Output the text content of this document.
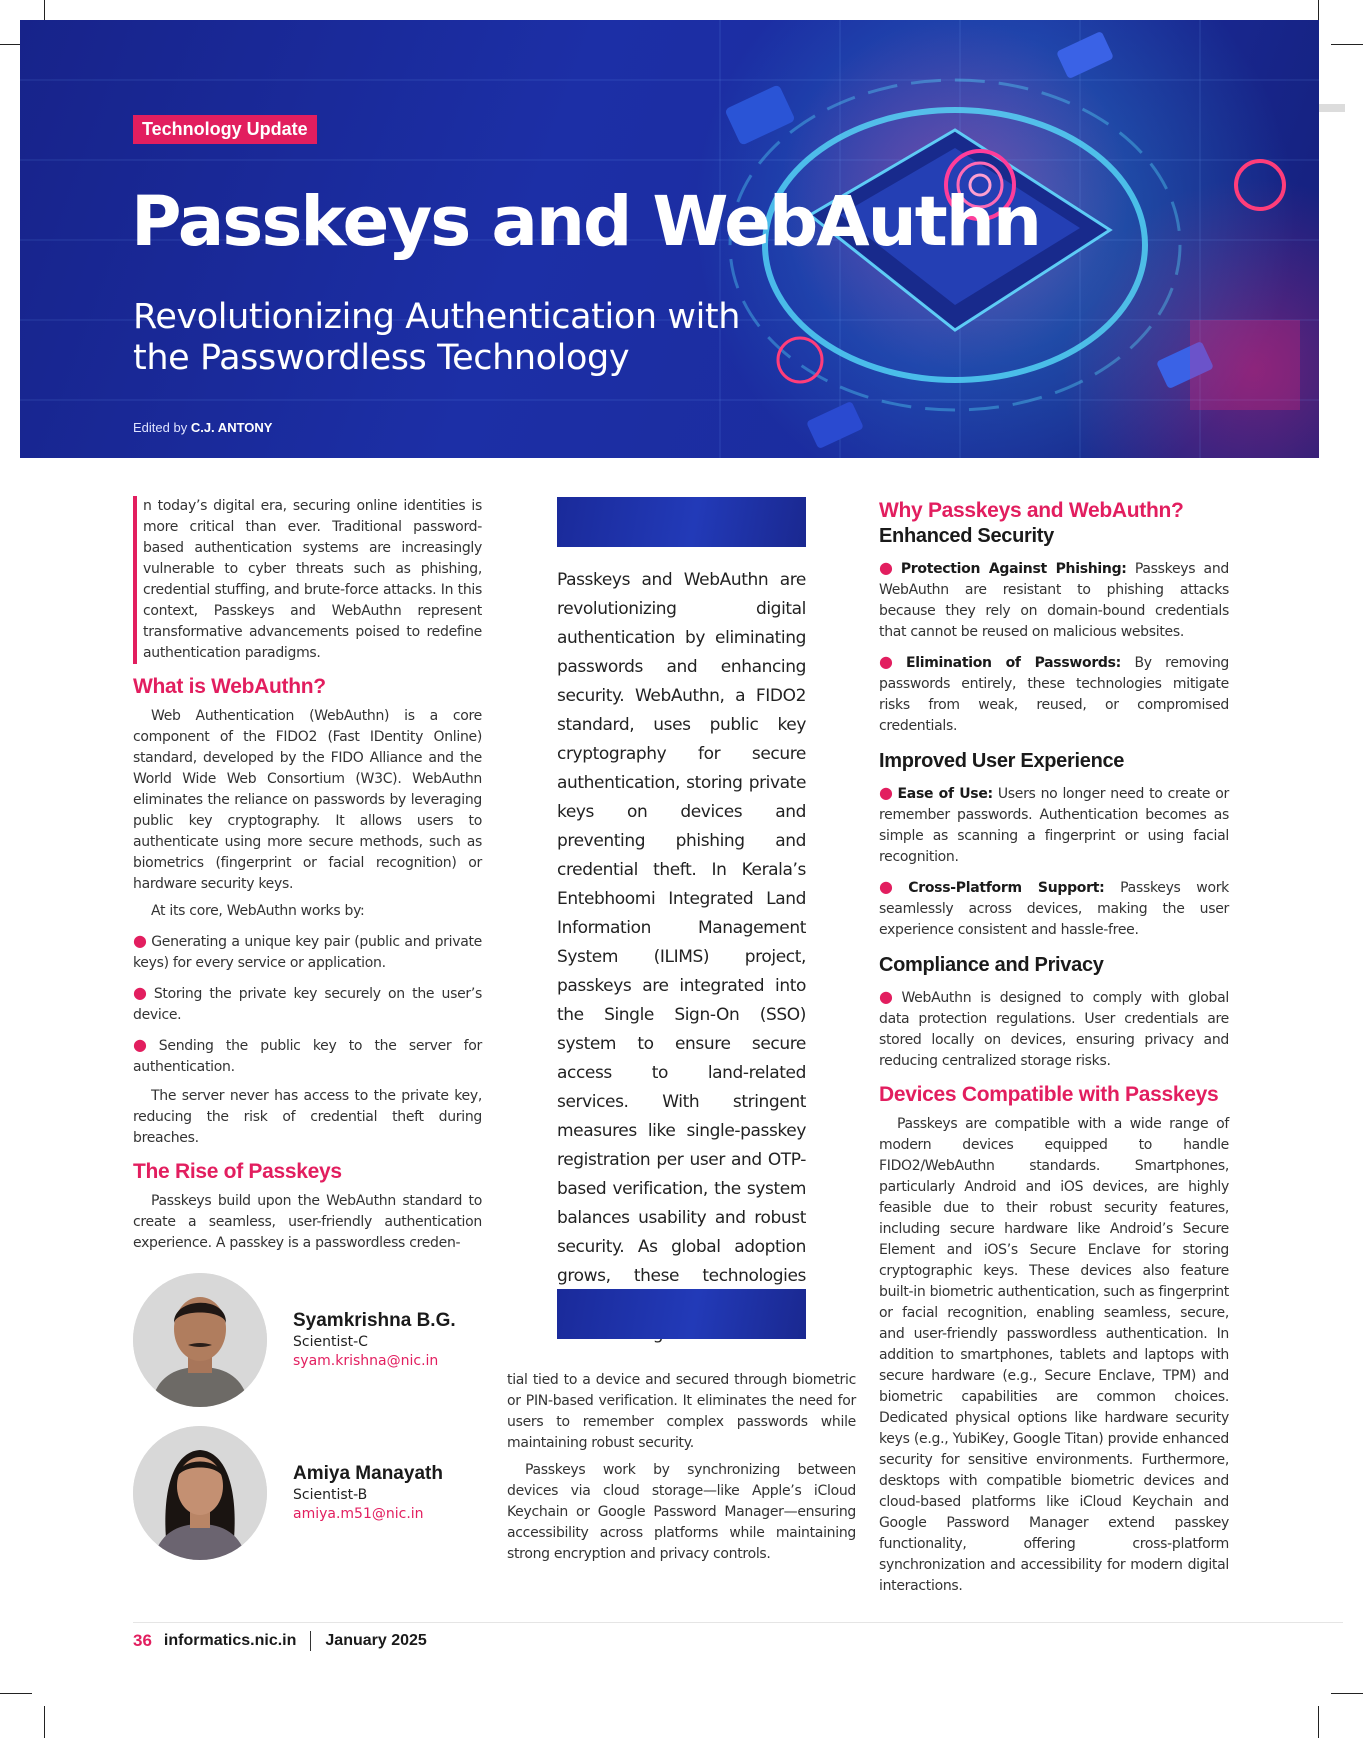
Technology Update
Passkeys and WebAuthn
Revolutionizing Authentication with
the Passwordless Technology
Edited by C.J. ANTONY

n today’s digital era, securing online identities is more critical than ever. Traditional password-based authentication systems are increasingly vulnerable to cyber threats such as phishing, credential stuffing, and brute-force attacks. In this context, Passkeys and WebAuthn represent transformative advancements poised to redefine authentication paradigms.

What is WebAuthn?

Web Authentication (WebAuthn) is a core component of the FIDO2 (Fast IDentity Online) standard, developed by the FIDO Alliance and the World Wide Web Consortium (W3C). WebAuthn eliminates the reliance on passwords by leveraging public key cryptography. It allows users to authenticate using more secure methods, such as biometrics (fingerprint or facial recognition) or hardware security keys.

At its core, WebAuthn works by:

● Generating a unique key pair (public and private keys) for every service or application.

● Storing the private key securely on the user’s device.

● Sending the public key to the server for authentication.

The server never has access to the private key, reducing the risk of credential theft during breaches.

The Rise of Passkeys

Passkeys build upon the WebAuthn standard to create a seamless, user-friendly authentication experience. A passkey is a passwordless creden-

Passkeys and WebAuthn are revolutionizing digital authentication by eliminating passwords and enhancing security. WebAuthn, a FIDO2 standard, uses public key cryptography for secure authentication, storing private keys on devices and preventing phishing and credential theft. In Kerala’s Entebhoomi Integrated Land Information Management System (ILIMS) project, passkeys are integrated into the Single Sign-On (SSO) system to ensure secure access to land-related services. With stringent measures like single-passkey registration per user and OTP-based verification, the system balances usability and robust security. As global adoption grows, these technologies

tial tied to a device and secured through biometric or PIN-based verification. It eliminates the need for users to remember complex passwords while maintaining robust security.

Passkeys work by synchronizing between devices via cloud storage—like Apple’s iCloud Keychain or Google Password Manager—ensuring accessibility across platforms while maintaining strong encryption and privacy controls.

Syamkrishna B.G.
Scientist-C
syam.krishna@nic.in
Amiya Manayath
Scientist-B
amiya.m51@nic.in
Why Passkeys and WebAuthn?
Enhanced Security

● Protection Against Phishing: Passkeys and WebAuthn are resistant to phishing attacks because they rely on domain-bound credentials that cannot be reused on malicious websites.

● Elimination of Passwords: By removing passwords entirely, these technologies mitigate risks from weak, reused, or compromised credentials.

Improved User Experience

● Ease of Use: Users no longer need to create or remember passwords. Authentication becomes as simple as scanning a fingerprint or using facial recognition.

● Cross-Platform Support: Passkeys work seamlessly across devices, making the user experience consistent and hassle-free.

Compliance and Privacy

● WebAuthn is designed to comply with global data protection regulations. User credentials are stored locally on devices, ensuring privacy and reducing centralized storage risks.

Devices Compatible with Passkeys

Passkeys are compatible with a wide range of modern devices equipped to handle FIDO2/WebAuthn standards. Smartphones, particularly Android and iOS devices, are highly feasible due to their robust security features, including secure hardware like Android’s Secure Element and iOS’s Secure Enclave for storing cryptographic keys. These devices also feature built-in biometric authentication, such as fingerprint or facial recognition, enabling seamless, secure, and user-friendly passwordless authentication. In addition to smartphones, tablets and laptops with secure hardware (e.g., Secure Enclave, TPM) and biometric capabilities are common choices. Dedicated physical options like hardware security keys (e.g., YubiKey, Google Titan) provide enhanced security for sensitive environments. Furthermore, desktops with compatible biometric devices and cloud-based platforms like iCloud Keychain and Google Password Manager extend passkey functionality, offering cross-platform synchronization and accessibility for modern digital interactions.

36 informatics.nic.in January 2025
